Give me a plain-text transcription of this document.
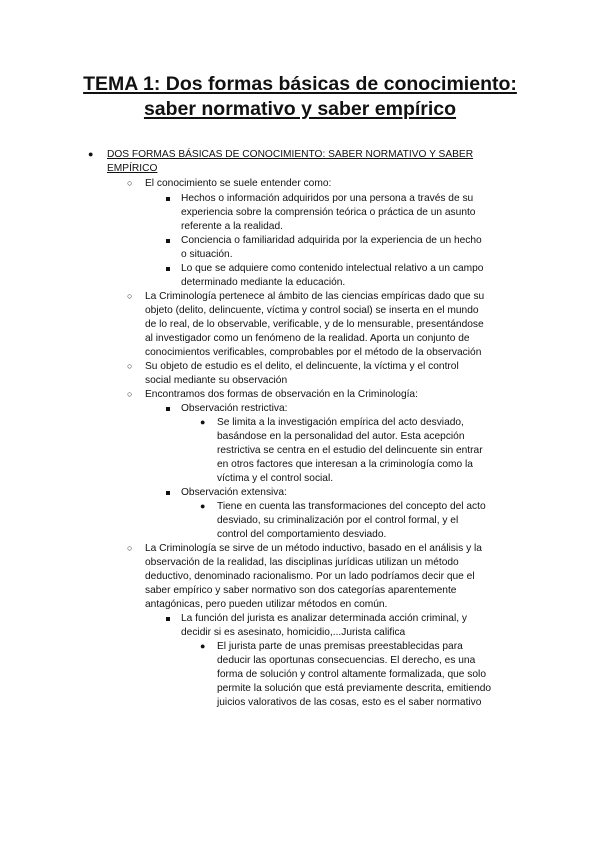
TEMA 1: Dos formas básicas de conocimiento:
saber normativo y saber empírico
● DOS FORMAS BÁSICAS DE CONOCIMIENTO: SABER NORMATIVO Y SABER
EMPÍRICO
○ El conocimiento se suele entender como:
Hechos o información adquiridos por una persona a través de su
experiencia sobre la comprensión teórica o práctica de un asunto
referente a la realidad.
Conciencia o familiaridad adquirida por la experiencia de un hecho
o situación.
Lo que se adquiere como contenido intelectual relativo a un campo
determinado mediante la educación.
○ La Criminología pertenece al ámbito de las ciencias empíricas dado que su
objeto (delito, delincuente, víctima y control social) se inserta en el mundo
de lo real, de lo observable, verificable, y de lo mensurable, presentándose
al investigador como un fenómeno de la realidad. Aporta un conjunto de
conocimientos verificables, comprobables por el método de la observación
○ Su objeto de estudio es el delito, el delincuente, la víctima y el control
social mediante su observación
○ Encontramos dos formas de observación en la Criminología:
Observación restrictiva:
● Se limita a la investigación empírica del acto desviado,
basándose en la personalidad del autor. Esta acepción
restrictiva se centra en el estudio del delincuente sin entrar
en otros factores que interesan a la criminología como la
víctima y el control social.
Observación extensiva:
● Tiene en cuenta las transformaciones del concepto del acto
desviado, su criminalización por el control formal, y el
control del comportamiento desviado.
○ La Criminología se sirve de un método inductivo, basado en el análisis y la
observación de la realidad, las disciplinas jurídicas utilizan un método
deductivo, denominado racionalismo. Por un lado podríamos decir que el
saber empírico y saber normativo son dos categorías aparentemente
antagónicas, pero pueden utilizar métodos en común.
La función del jurista es analizar determinada acción criminal, y
decidir si es asesinato, homicidio,...Jurista califica
● El jurista parte de unas premisas preestablecidas para
deducir las oportunas consecuencias. El derecho, es una
forma de solución y control altamente formalizada, que solo
permite la solución que está previamente descrita, emitiendo
juicios valorativos de las cosas, esto es el saber normativo
